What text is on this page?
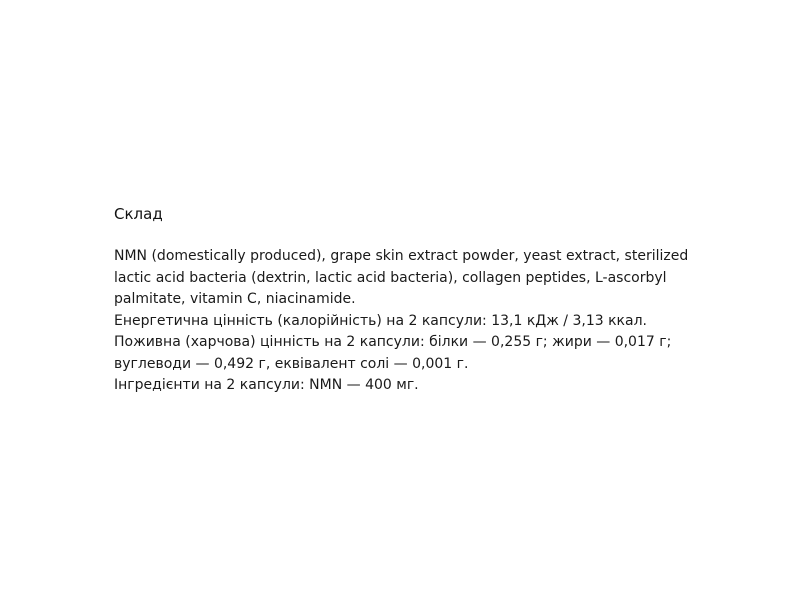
Склад
NMN (domestically produced), grape skin extract powder, yeast extract, sterilized
lactic acid bacteria (dextrin, lactic acid bacteria), collagen peptides, L-ascorbyl
palmitate, vitamin C, niacinamide.
Енергетична цінність (калорійність) на 2 капсули: 13,1 кДж / 3,13 ккал.
Поживна (харчова) цінність на 2 капсули: білки — 0,255 г; жири — 0,017 г;
вуглеводи — 0,492 г, еквівалент солі — 0,001 г.
Інгредієнти на 2 капсули: NMN — 400 мг.
